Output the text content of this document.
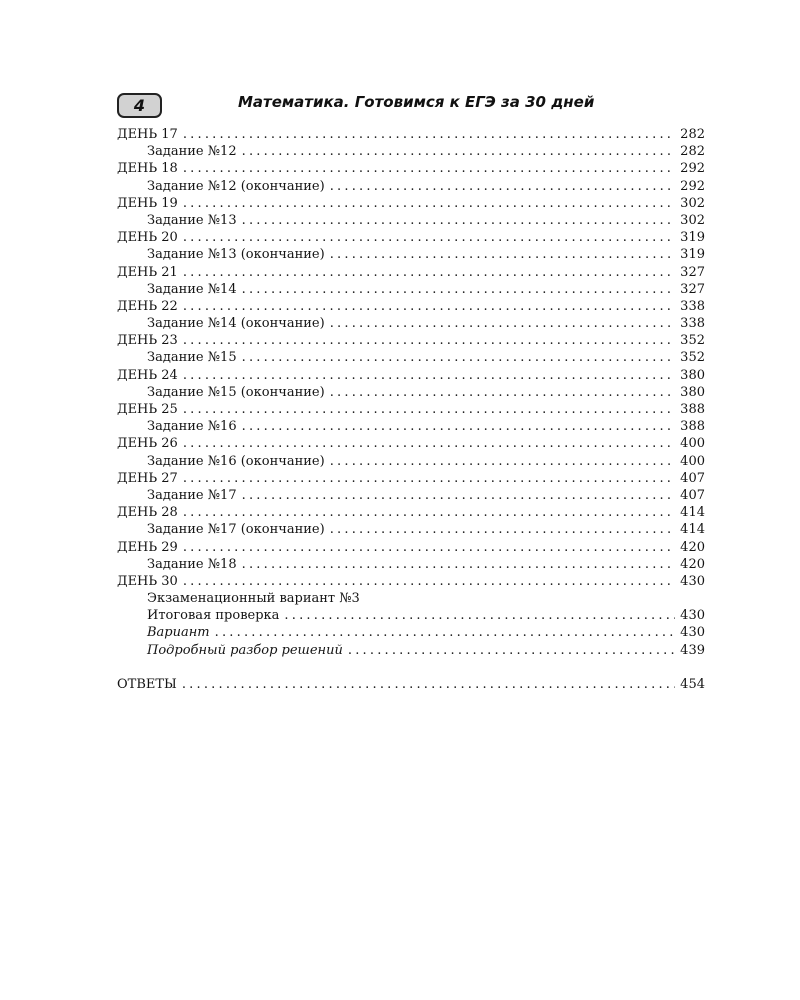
4	Математика. Готовимся к ЕГЭ за 30 дней
ДЕНЬ 17 .....	282
Задание №12 .....	282
ДЕНЬ 18 .....	292
Задание №12 (окончание) .....	292
ДЕНЬ 19 .....	302
Задание №13 .....	302
ДЕНЬ 20 .....	319
Задание №13 (окончание) .....	319
ДЕНЬ 21 .....	327
Задание №14 .....	327
ДЕНЬ 22 .....	338
Задание №14 (окончание) .....	338
ДЕНЬ 23 .....	352
Задание №15 .....	352
ДЕНЬ 24 .....	380
Задание №15 (окончание) .....	380
ДЕНЬ 25 .....	388
Задание №16 .....	388
ДЕНЬ 26 .....	400
Задание №16 (окончание) .....	400
ДЕНЬ 27 .....	407
Задание №17 .....	407
ДЕНЬ 28 .....	414
Задание №17 (окончание) .....	414
ДЕНЬ 29 .....	420
Задание №18 .....	420
ДЕНЬ 30 .....	430
Экзаменационный вариант №3
Итоговая проверка .....	430
Вариант .....	430
Подробный разбор решений .....	439
ОТВЕТЫ .....	454
